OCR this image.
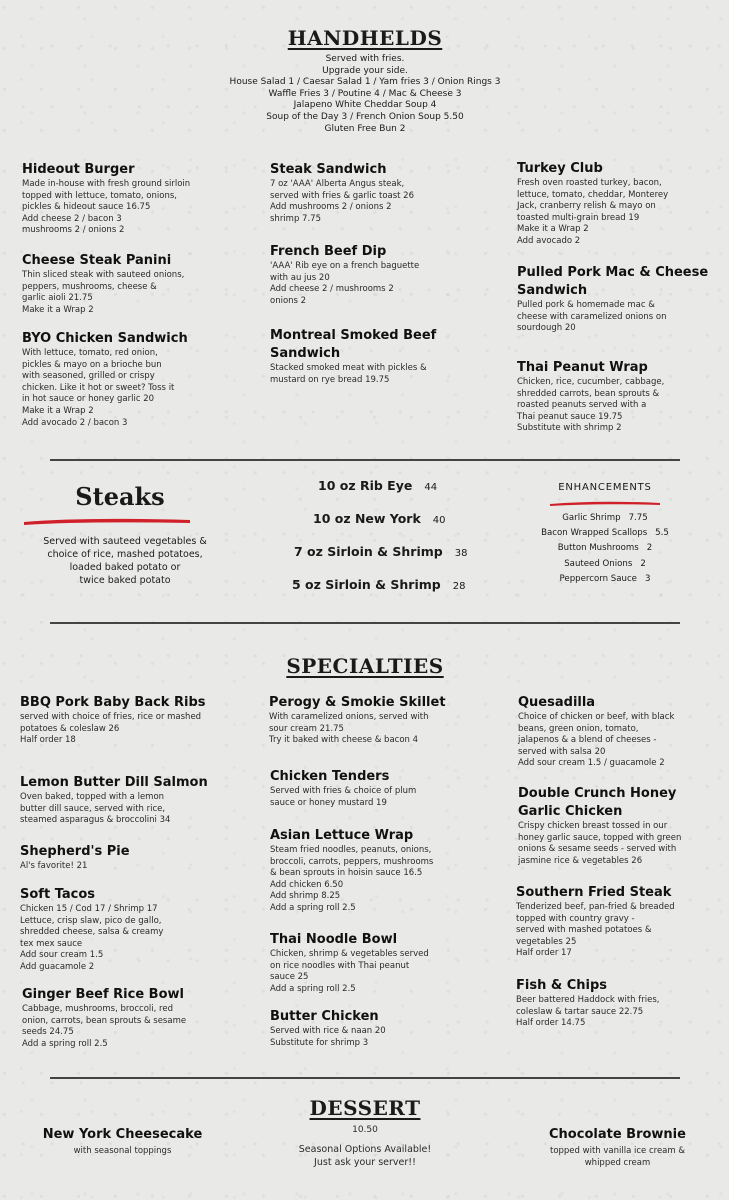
HANDHELDS
Served with fries.
Upgrade your side.
House Salad 1 / Caesar Salad 1 / Yam fries 3 / Onion Rings 3
Waffle Fries 3 / Poutine 4 / Mac & Cheese 3
Jalapeno White Cheddar Soup 4
Soup of the Day 3 / French Onion Soup 5.50
Gluten Free Bun 2
Hideout Burger
Made in-house with fresh ground sirloin
topped with lettuce, tomato, onions,
pickles & hideout sauce 16.75
Add cheese 2 / bacon 3
mushrooms 2 / onions 2
Cheese Steak Panini
Thin sliced steak with sauteed onions,
peppers, mushrooms, cheese &
garlic aioli 21.75
Make it a Wrap 2
BYO Chicken Sandwich
With lettuce, tomato, red onion,
pickles & mayo on a brioche bun
with seasoned, grilled or crispy
chicken. Like it hot or sweet? Toss it
in hot sauce or honey garlic 20
Make it a Wrap 2
Add avocado 2 / bacon 3
Steak Sandwich
7 oz 'AAA' Alberta Angus steak,
served with fries & garlic toast 26
Add mushrooms 2 / onions 2
shrimp 7.75
French Beef Dip
'AAA' Rib eye on a french baguette
with au jus 20
Add cheese 2 / mushrooms 2
onions 2
Montreal Smoked Beef Sandwich
Stacked smoked meat with pickles &
mustard on rye bread 19.75
Turkey Club
Fresh oven roasted turkey, bacon,
lettuce, tomato, cheddar, Monterey
Jack, cranberry relish & mayo on
toasted multi-grain bread 19
Make it a Wrap 2
Add avocado 2
Pulled Pork Mac & Cheese Sandwich
Pulled pork & homemade mac &
cheese with caramelized onions on
sourdough 20
Thai Peanut Wrap
Chicken, rice, cucumber, cabbage,
shredded carrots, bean sprouts &
roasted peanuts served with a
Thai peanut sauce 19.75
Substitute with shrimp 2
Steaks
Served with sauteed vegetables &
choice of rice, mashed potatoes,
loaded baked potato or
twice baked potato
10 oz Rib Eye 44
10 oz New York 40
7 oz Sirloin & Shrimp 38
5 oz Sirloin & Shrimp 28
ENHANCEMENTS
Garlic Shrimp 7.75
Bacon Wrapped Scallops 5.5
Button Mushrooms 2
Sauteed Onions 2
Peppercorn Sauce 3
SPECIALTIES
BBQ Pork Baby Back Ribs
served with choice of fries, rice or mashed
potatoes & coleslaw 26
Half order 18
Lemon Butter Dill Salmon
Oven baked, topped with a lemon
butter dill sauce, served with rice,
steamed asparagus & broccolini 34
Shepherd's Pie
Al's favorite! 21
Soft Tacos
Chicken 15 / Cod 17 / Shrimp 17
Lettuce, crisp slaw, pico de gallo,
shredded cheese, salsa & creamy
tex mex sauce
Add sour cream 1.5
Add guacamole 2
Ginger Beef Rice Bowl
Cabbage, mushrooms, broccoli, red
onion, carrots, bean sprouts & sesame
seeds 24.75
Add a spring roll 2.5
Perogy & Smokie Skillet
With caramelized onions, served with
sour cream 21.75
Try it baked with cheese & bacon 4
Chicken Tenders
Served with fries & choice of plum
sauce or honey mustard 19
Asian Lettuce Wrap
Steam fried noodles, peanuts, onions,
broccoli, carrots, peppers, mushrooms
& bean sprouts in hoisin sauce 16.5
Add chicken 6.50
Add shrimp 8.25
Add a spring roll 2.5
Thai Noodle Bowl
Chicken, shrimp & vegetables served
on rice noodles with Thai peanut
sauce 25
Add a spring roll 2.5
Butter Chicken
Served with rice & naan 20
Substitute for shrimp 3
Quesadilla
Choice of chicken or beef, with black
beans, green onion, tomato,
jalapenos & a blend of cheeses -
served with salsa 20
Add sour cream 1.5 / guacamole 2
Double Crunch Honey Garlic Chicken
Crispy chicken breast tossed in our
honey garlic sauce, topped with green
onions & sesame seeds - served with
jasmine rice & vegetables 26
Southern Fried Steak
Tenderized beef, pan-fried & breaded
topped with country gravy -
served with mashed potatoes &
vegetables 25
Half order 17
Fish & Chips
Beer battered Haddock with fries,
coleslaw & tartar sauce 22.75
Half order 14.75
DESSERT
New York Cheesecake
with seasonal toppings
10.50
Seasonal Options Available!
Just ask your server!!
Chocolate Brownie
topped with vanilla ice cream &
whipped cream
